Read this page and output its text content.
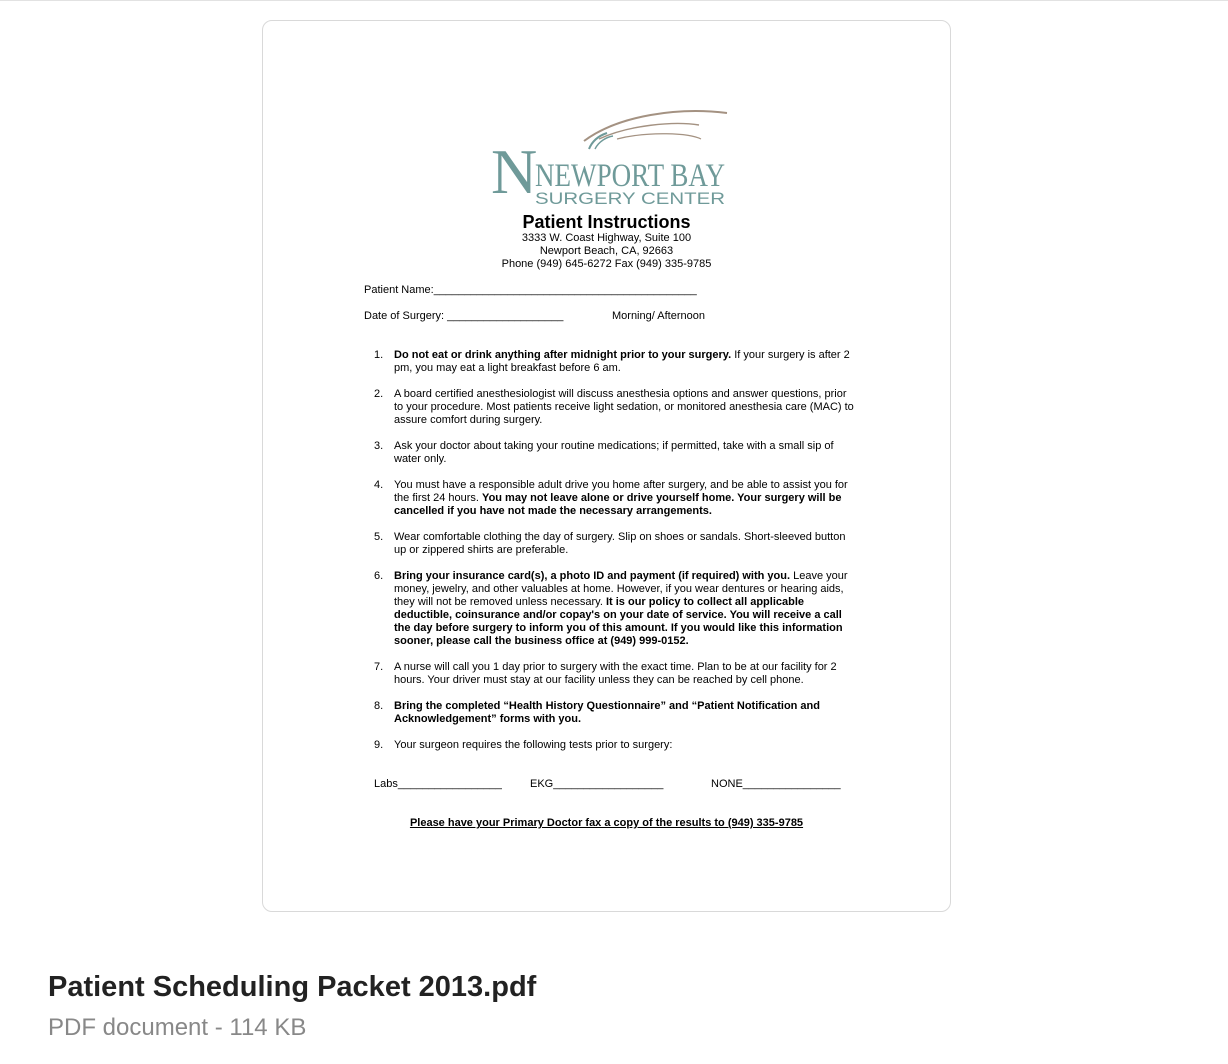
N
NEWPORT BAY
SURGERY CENTER
Patient Instructions
3333 W. Coast Highway, Suite 100
Newport Beach, CA, 92663
Phone (949) 645-6272 Fax (949) 335-9785
Patient Name:___________________________________________
Date of Surgery: ___________________	Morning/ Afternoon
1. Do not eat or drink anything after midnight prior to your surgery. If your surgery is after 2 pm, you may eat a light breakfast before 6 am.
2. A board certified anesthesiologist will discuss anesthesia options and answer questions, prior to your procedure. Most patients receive light sedation, or monitored anesthesia care (MAC) to assure comfort during surgery.
3. Ask your doctor about taking your routine medications; if permitted, take with a small sip of water only.
4. You must have a responsible adult drive you home after surgery, and be able to assist you for the first 24 hours. You may not leave alone or drive yourself home. Your surgery will be cancelled if you have not made the necessary arrangements.
5. Wear comfortable clothing the day of surgery. Slip on shoes or sandals. Short-sleeved button up or zippered shirts are preferable.
6. Bring your insurance card(s), a photo ID and payment (if required) with you. Leave your money, jewelry, and other valuables at home. However, if you wear dentures or hearing aids, they will not be removed unless necessary. It is our policy to collect all applicable deductible, coinsurance and/or copay's on your date of service. You will receive a call the day before surgery to inform you of this amount. If you would like this information sooner, please call the business office at (949) 999-0152.
7. A nurse will call you 1 day prior to surgery with the exact time. Plan to be at our facility for 2 hours. Your driver must stay at our facility unless they can be reached by cell phone.
8. Bring the completed “Health History Questionnaire” and “Patient Notification and Acknowledgement” forms with you.
9. Your surgeon requires the following tests prior to surgery:
Labs_________________	EKG__________________	NONE________________
Please have your Primary Doctor fax a copy of the results to (949) 335-9785
Patient Scheduling Packet 2013.pdf
PDF document - 114 KB
